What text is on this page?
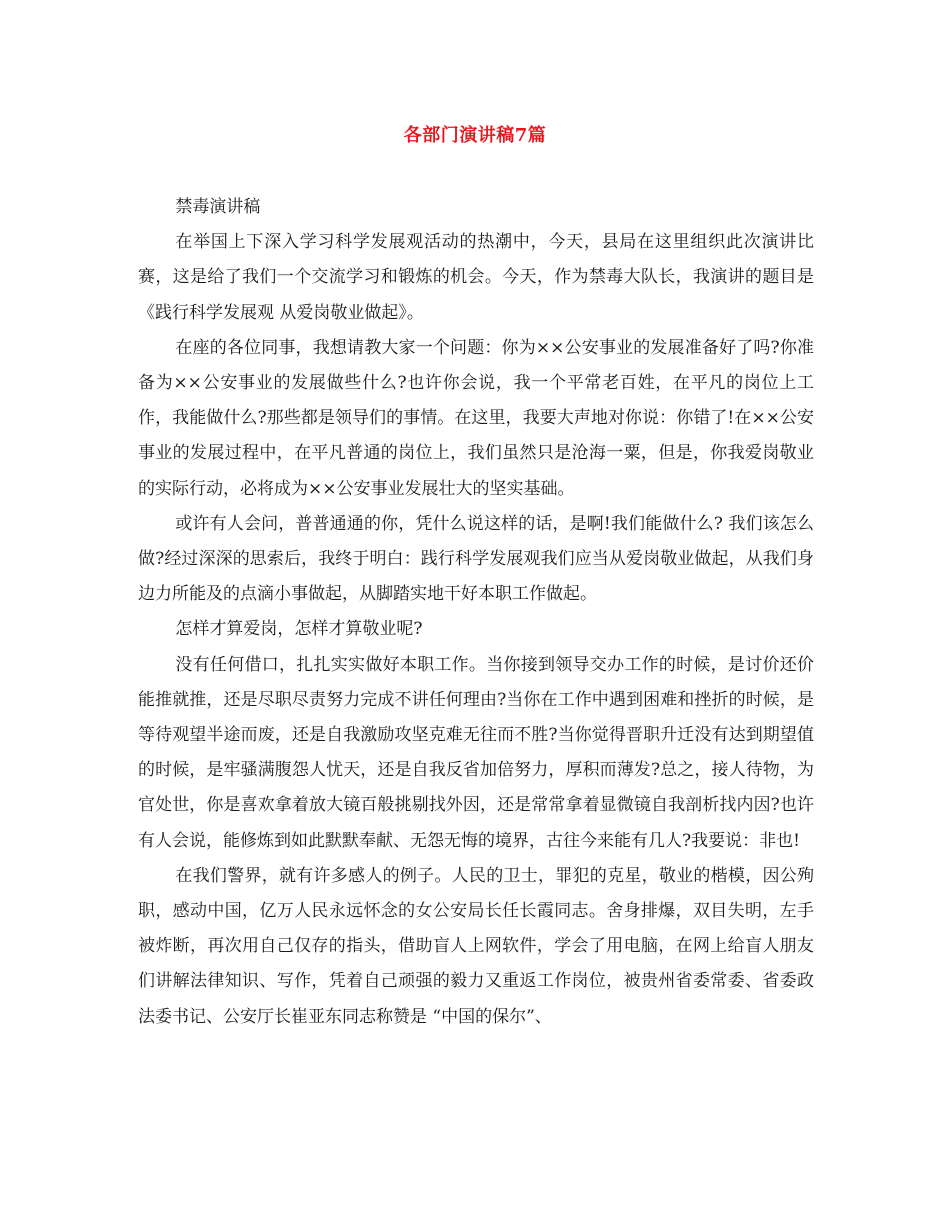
各部门演讲稿7篇

禁毒演讲稿

在举国上下深入学习科学发展观活动的热潮中，今天，县局在这里组织此次演讲比赛，这是给了我们一个交流学习和锻炼的机会。今天，作为禁毒大队长，我演讲的题目是《践行科学发展观 从爱岗敬业做起》。

在座的各位同事，我想请教大家一个问题：你为××公安事业的发展准备好了吗?你准备为××公安事业的发展做些什么?也许你会说，我一个平常老百姓，在平凡的岗位上工作，我能做什么?那些都是领导们的事情。在这里，我要大声地对你说：你错了!在××公安事业的发展过程中，在平凡普通的岗位上，我们虽然只是沧海一粟，但是，你我爱岗敬业的实际行动，必将成为××公安事业发展壮大的坚实基础。

或许有人会问，普普通通的你，凭什么说这样的话，是啊!我们能做什么? 我们该怎么做?经过深深的思索后，我终于明白：践行科学发展观我们应当从爱岗敬业做起，从我们身边力所能及的点滴小事做起，从脚踏实地干好本职工作做起。

怎样才算爱岗，怎样才算敬业呢?

没有任何借口，扎扎实实做好本职工作。当你接到领导交办工作的时候，是讨价还价能推就推，还是尽职尽责努力完成不讲任何理由?当你在工作中遇到困难和挫折的时候，是等待观望半途而废，还是自我激励攻坚克难无往而不胜?当你觉得晋职升迁没有达到期望值的时候，是牢骚满腹怨人忧天，还是自我反省加倍努力，厚积而薄发?总之，接人待物，为官处世，你是喜欢拿着放大镜百般挑剔找外因，还是常常拿着显微镜自我剖析找内因?也许有人会说，能修炼到如此默默奉献、无怨无悔的境界，古往今来能有几人?我要说：非也!

在我们警界，就有许多感人的例子。人民的卫士，罪犯的克星，敬业的楷模，因公殉职，感动中国，亿万人民永远怀念的女公安局长任长霞同志。舍身排爆，双目失明，左手被炸断，再次用自己仅存的指头，借助盲人上网软件，学会了用电脑，在网上给盲人朋友们讲解法律知识、写作，凭着自己顽强的毅力又重返工作岗位，被贵州省委常委、省委政法委书记、公安厅长崔亚东同志称赞是 “中国的保尔”、
